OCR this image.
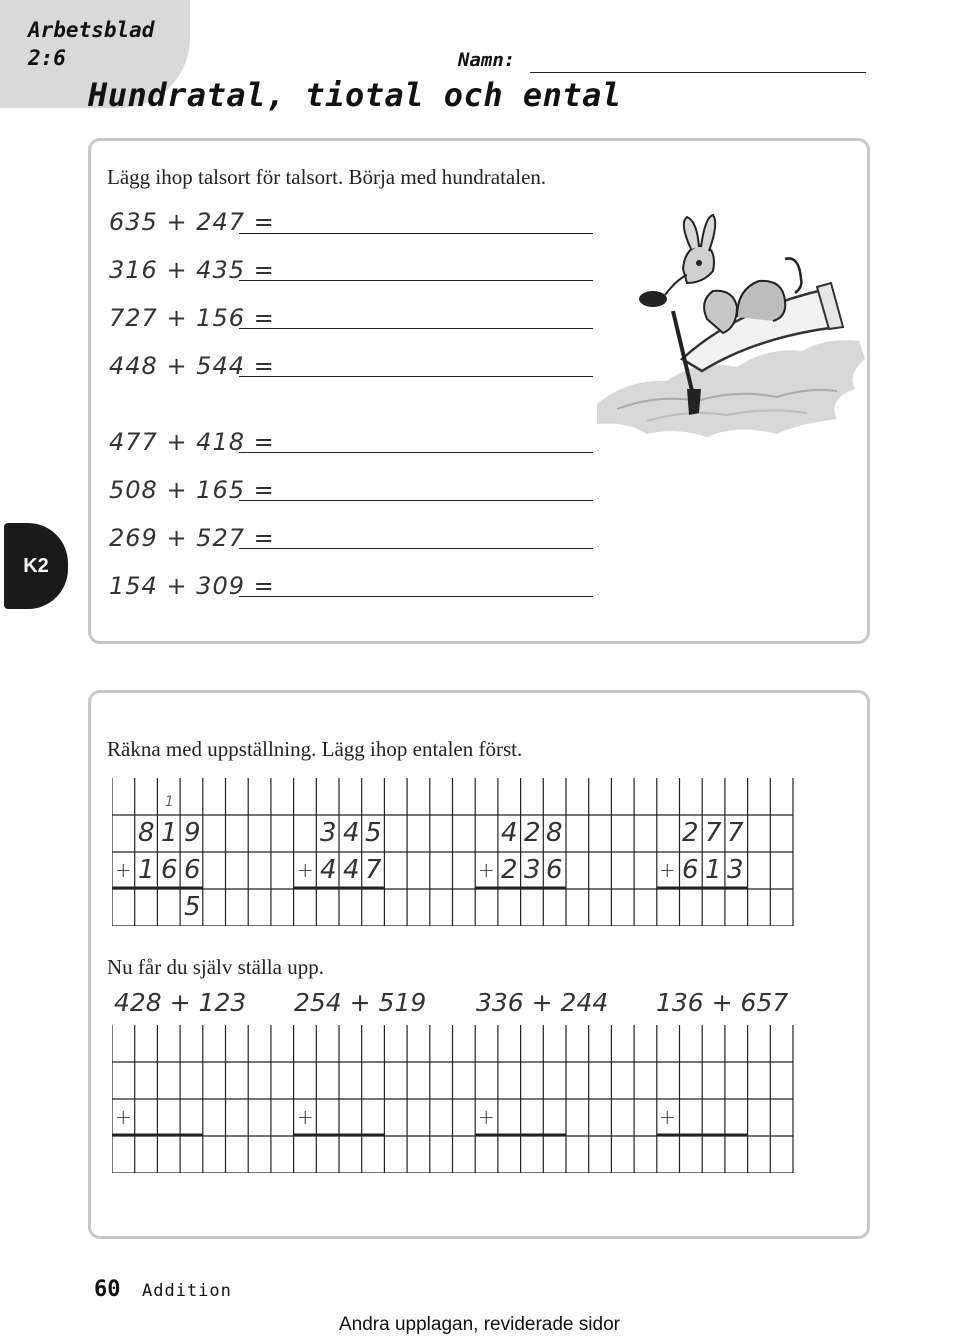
Arbetsblad
2:6	Namn:
Hundratal, tiotal och ental
K2
Lägg ihop talsort för talsort. Börja med hundratalen.
635 + 247 =
316 + 435 =
727 + 156 =
448 + 544 =
477 + 418 =
508 + 165 =
269 + 527 =
154 + 309 =
Räkna med uppställning. Lägg ihop entalen först.
Nu får du själv ställa upp.
1
8 1 9
+ 1 6 6
5
3 4 5
+ 4 4 7
4 2 8
+ 2 3 6
2 7 7
+ 6 1 3
428 + 123 254 + 519 336 + 244 136 + 657
+	+	+	+
60 Addition
Andra upplagan, reviderade sidor
